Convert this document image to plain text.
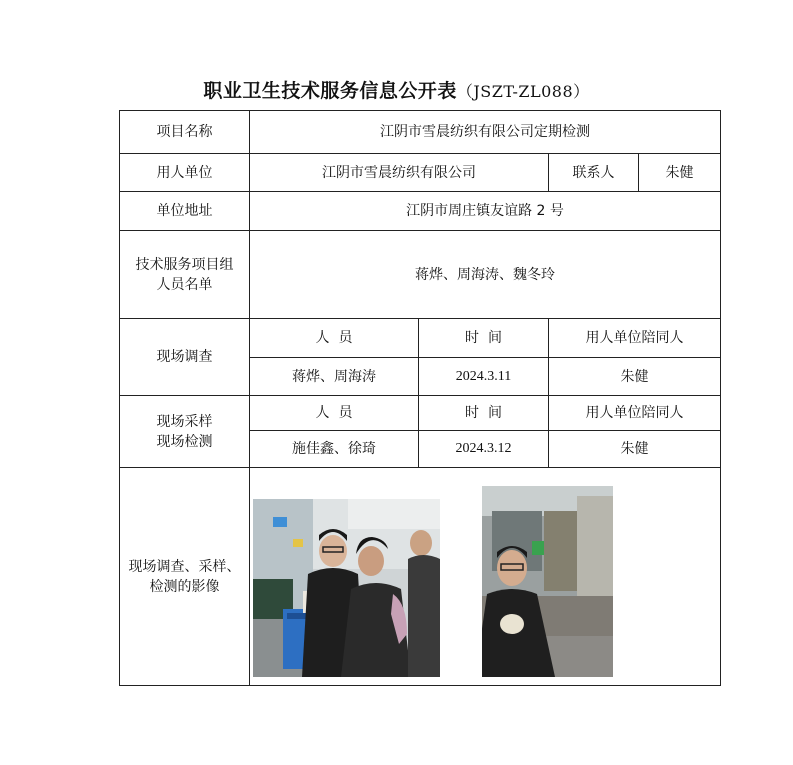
职业卫生技术服务信息公开表（JSZT-ZL088）
项目名称	江阴市雪晨纺织有限公司定期检测			
用人单位	江阴市雪晨纺织有限公司		联系人	朱健
单位地址	江阴市周庄镇友谊路 2 号			

技术服务项目组
人员名单	蒋烨、周海涛、魏冬玲			
现场调查	人  员	时  间	用人单位陪同人	
	蒋烨、周海涛	2024.3.11	朱健	

现场采样
现场检测	人  员	时  间	用人单位陪同人	
	施佳鑫、徐琦	2024.3.12	朱健	

现场调查、采样、
检测的影像
